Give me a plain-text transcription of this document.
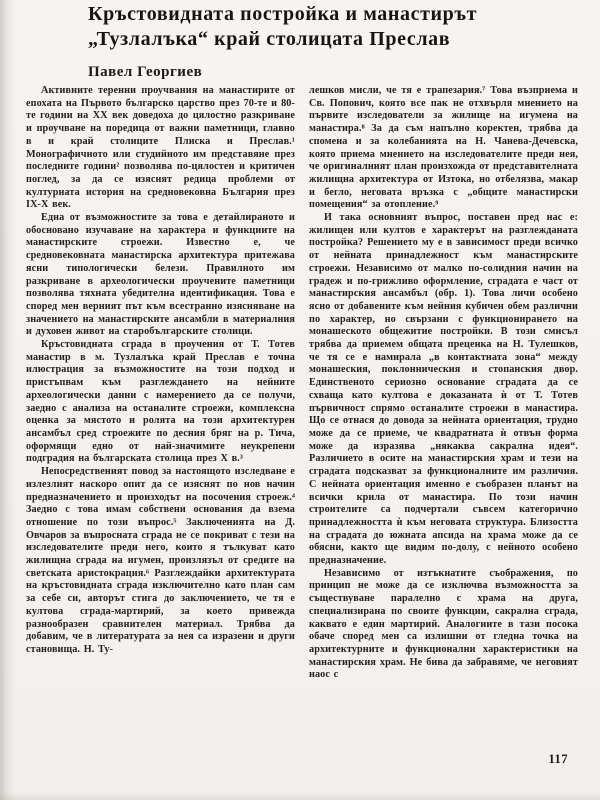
Кръстовидната постройка и манастирът
„Тузлалъка“ край столицата Преслав
Павел Георгиев

Активните теренни проучвания на манастирите от епохата на Първото българско царство през 70-те и 80-те години на XX век доведоха до цялостно разкриване и проучване на поредица от важни паметници, главно в и край столиците Плиска и Преслав.¹ Монографичното или студийното им представяне през последните години² позволява по-цялостен и критичен поглед, за да се изяснят редица проблеми от културната история на средновековна България през IX-X век.

Една от възможностите за това е детайлираното и обосновано изучаване на характера и функциите на манастирските строежи. Известно е, че средновековната манастирска архитектура притежава ясни типологически белези. Правилното им разкриване в археологически проучените паметници позволява тяхната убедителна идентификация. Това е според мен верният път към всестранно изясняване на значението на манастирските ансамбли в материалния и духовен живот на старобългарските столици.

Кръстовидната сграда в проучения от Т. Тотев манастир в м. Тузлалъка край Преслав е точна илюстрация за възможностите на този подход и пристъпвам към разглеждането на нейните археологически данни с намерението да се получи, заедно с анализа на останалите строежи, комплексна оценка за мястото и ролята на този архитектурен ансамбъл сред строежите по десния бряг на р. Тича, оформящи едно от най-значимите неукрепени подградия на българската столица през X в.³

Непосредственият повод за настоящото изследване е излезлият наскоро опит да се изяснят по нов начин предназначението и произходът на посочения строеж.⁴ Заедно с това имам собствени основания да взема отношение по този въпрос.⁵ Заключенията на Д. Овчаров за въпросната сграда не се покриват с тези на изследователите преди него, които я тълкуват като жилищна сграда на игумен, произлязъл от средите на светската аристокрация.⁶ Разглеждайки архитектурата на кръстовидната сграда изключително като план сам за себе си, авторът стига до заключението, че тя е култова сграда-мартирий, за което привежда разнообразен сравнителен материал. Трябва да добавим, че в литературата за нея са изразени и други становища. Н. Ту-

лешков мисли, че тя е трапезария.⁷ Това възприема и Св. Попович, която все пак не отхвърля мнението на първите изследователи за жилище на игумена на манастира.⁸ За да съм напълно коректен, трябва да спомена и за колебанията на Н. Чанева-Дечевска, която приема мнението на изследователите преди нея, че оригиналният план произхожда от представителната жилищна архитектура от Изтока, но отбелязва, макар и бегло, неговата връзка с „общите манастирски помещения“ за отопление.⁹

И така основният въпрос, поставен пред нас е: жилищен или култов е характерът на разглежданата постройка? Решението му е в зависимост преди всичко от нейната принадлежност към манастирските строежи. Независимо от малко по-солидния начин на градеж и по-грижливо оформление, сградата е част от манастирския ансамбъл (обр. 1). Това личи особено ясно от добавените към нейния кубичен обем различни по характер, но свързани с функционирането на монашеското общежитие постройки. В този смисъл трябва да приемем общата преценка на Н. Тулешков, че тя се е намирала „в контактната зона“ между монашеския, поклонническия и стопанския двор. Единственото сериозно основание сградата да се схваща като култова е доказаната ѝ от Т. Тотев първичност спрямо останалите строежи в манастира. Що се отнася до довода за нейната ориентация, трудно може да се приеме, че квадратната ѝ отвън форма може да изразява „някаква сакрална идея“. Различието в осите на манастирския храм и тези на сградата подсказват за функционалните им различия. С нейната ориентация именно е съобразен планът на всички крила от манастира. По този начин строителите са подчертали съвсем категорично принадлежността ѝ към неговата структура. Близостта на сградата до южната апсида на храма може да се обясни, както ще видим по-долу, с нейното особено предназначение.

Независимо от изтъкнатите съображения, по принцип не може да се изключва възможността за съществуване паралелно с храма на друга, специализирана по своите функции, сакрална сграда, каквато е един мартирий. Аналогиите в тази посока обаче според мен са излишни от гледна точка на архитектурните и функционални характеристики на манастирския храм. Не бива да забравяме, че неговият наос с

117
